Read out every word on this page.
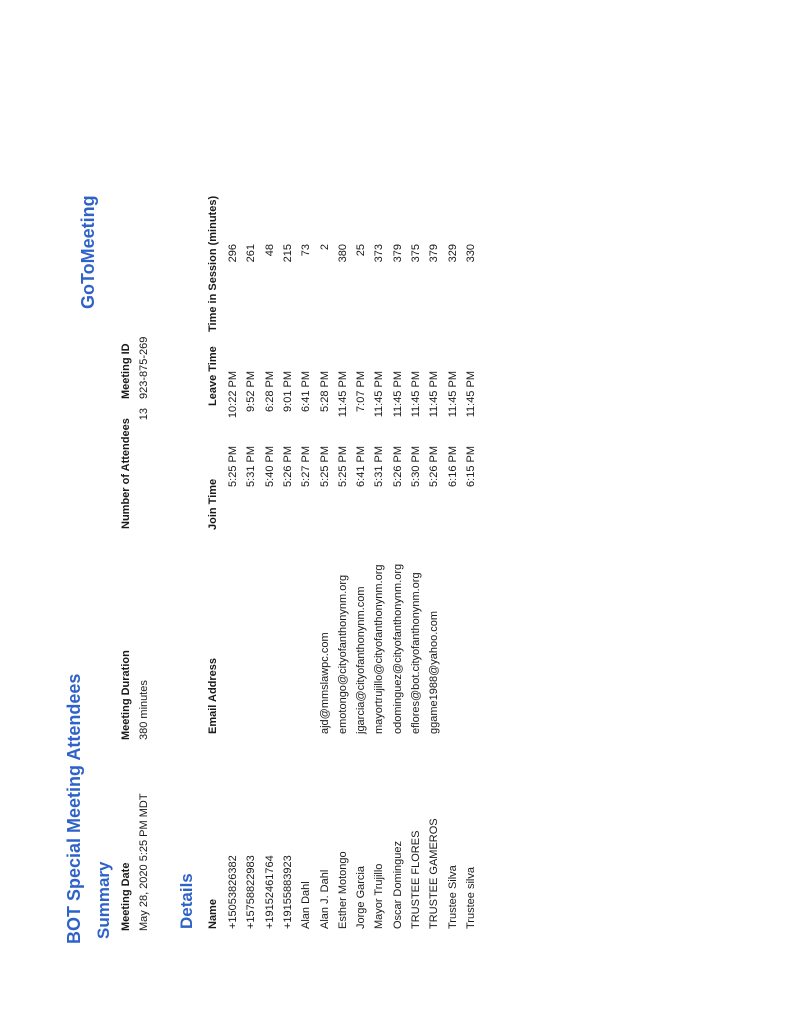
BOT Special Meeting Attendees
GoToMeeting
Summary Meeting Date May 28, 2020 5:25 PM MDT
Meeting Duration 380 minutes
Number of Attendees
13
Meeting ID 923-875-269
Details Name
Email Address
Join Time
Leave Time
Time in Session (minutes)
+15053826382
5:25 PM
10:22 PM
296
+15758822983
5:31 PM
9:52 PM
261
+19152461764
5:40 PM
6:28 PM
48
+19155883923
5:26 PM
9:01 PM
215
Alan Dahl
5:27 PM
6:41 PM
73
Alan J. Dahl
ajd@mmslawpc.com
5:25 PM
5:28 PM
2
Esther Motongo
emotongo@cityofanthonynm.org
5:25 PM
11:45 PM
380
Jorge Garcia
jgarcia@cityofanthonynm.com
6:41 PM
7:07 PM
25
Mayor Trujillo
mayortrujillo@cityofanthonynm.org
5:31 PM
11:45 PM
373
Oscar Dominguez
odominguez@cityofanthonynm.org
5:26 PM
11:45 PM
379
TRUSTEE FLORES
eflores@bot.cityofanthonynm.org
5:30 PM
11:45 PM
375
TRUSTEE GAMEROS
ggame1988@yahoo.com
5:26 PM
11:45 PM
379
Trustee Silva
6:16 PM
11:45 PM
329
Trustee silva
6:15 PM
11:45 PM
330
